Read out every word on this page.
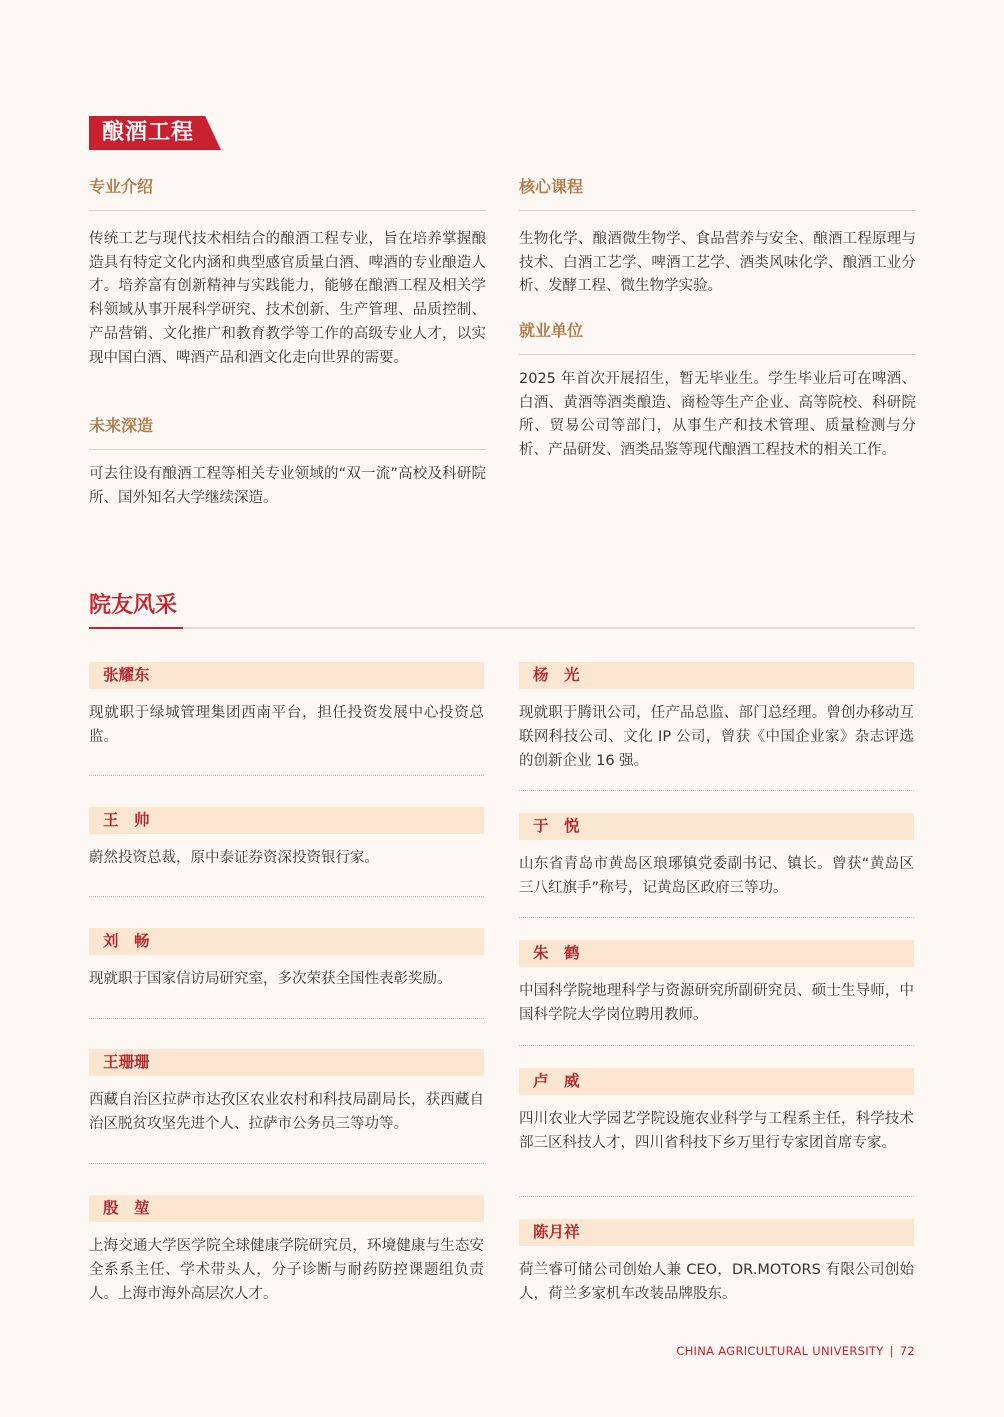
酿酒工程
专业介绍
传统工艺与现代技术相结合的酿酒工程专业，旨在培养掌握酿造具有特定文化内涵和典型感官质量白酒、啤酒的专业酿造人才。培养富有创新精神与实践能力，能够在酿酒工程及相关学科领域从事开展科学研究、技术创新、生产管理、品质控制、产品营销、文化推广和教育教学等工作的高级专业人才，以实现中国白酒、啤酒产品和酒文化走向世界的需要。
未来深造
可去往设有酿酒工程等相关专业领域的“双一流”高校及科研院所、国外知名大学继续深造。
核心课程
生物化学、酿酒微生物学、食品营养与安全、酿酒工程原理与技术、白酒工艺学、啤酒工艺学、酒类风味化学、酿酒工业分析、发酵工程、微生物学实验。
就业单位
2025 年首次开展招生，暂无毕业生。学生毕业后可在啤酒、白酒、黄酒等酒类酿造、商检等生产企业、高等院校、科研院所、贸易公司等部门，从事生产和技术管理、质量检测与分析、产品研发、酒类品鉴等现代酿酒工程技术的相关工作。
院友风采
张耀东
现就职于绿城管理集团西南平台，担任投资发展中心投资总监。
王　帅
蔚然投资总裁，原中泰证券资深投资银行家。
刘　畅
现就职于国家信访局研究室，多次荣获全国性表彰奖励。
王珊珊
西藏自治区拉萨市达孜区农业农村和科技局副局长，获西藏自治区脱贫攻坚先进个人、拉萨市公务员三等功等。
殷　堃
上海交通大学医学院全球健康学院研究员，环境健康与生态安全系系主任、学术带头人，分子诊断与耐药防控课题组负责人。上海市海外高层次人才。
杨　光
现就职于腾讯公司，任产品总监、部门总经理。曾创办移动互联网科技公司、文化 IP 公司，曾获《中国企业家》杂志评选的创新企业 16 强。
于　悦
山东省青岛市黄岛区琅琊镇党委副书记、镇长。曾获“黄岛区三八红旗手”称号，记黄岛区政府三等功。
朱　鹤
中国科学院地理科学与资源研究所副研究员、硕士生导师，中国科学院大学岗位聘用教师。
卢　威
四川农业大学园艺学院设施农业科学与工程系主任，科学技术部三区科技人才，四川省科技下乡万里行专家团首席专家。
陈月祥
荷兰睿可储公司创始人兼 CEO，DR.MOTORS 有限公司创始人，荷兰多家机车改装品牌股东。
CHINA AGRICULTURAL UNIVERSITY | 72
